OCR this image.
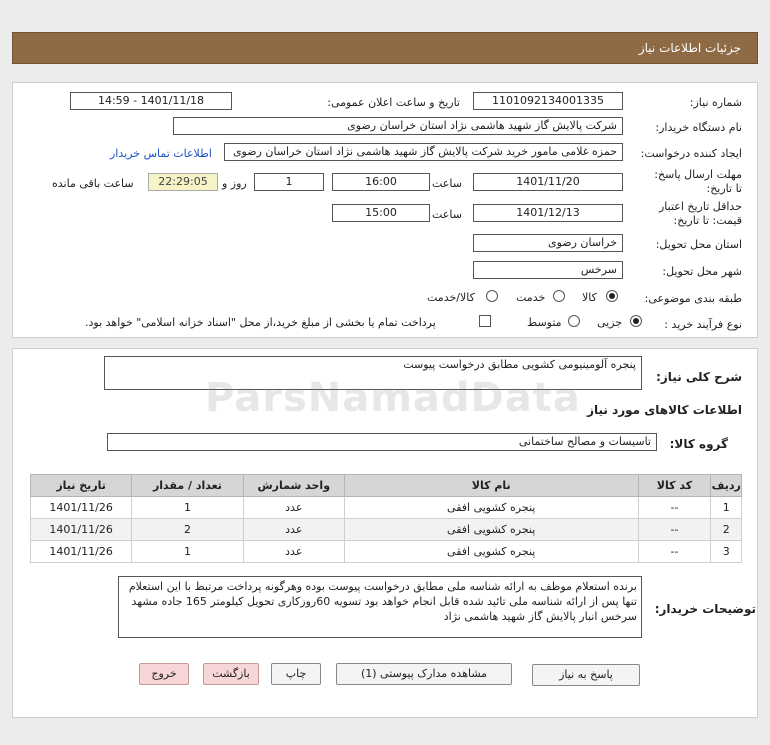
جزئیات اطلاعات نیاز
شماره نیاز:
1101092134001335
تاریخ و ساعت اعلان عمومی:
1401/11/18 - 14:59
نام دستگاه خریدار:
شرکت پالایش گاز شهید هاشمی نژاد استان خراسان رضوی
ایجاد کننده درخواست:
حمزه غلامی مامور خرید شرکت پالایش گاز شهید هاشمی نژاد استان خراسان رضوی
اطلاعات تماس خریدار
مهلت ارسال پاسخ: تا تاریخ:
1401/11/20
ساعت
16:00
1
روز و
22:29:05
ساعت باقی مانده
حداقل تاریخ اعتبار قیمت: تا تاریخ:
1401/12/13
ساعت
15:00
استان محل تحویل:
خراسان رضوی
شهر محل تحویل:
سرخس
طبقه بندی موضوعی:
کالا
خدمت
کالا/خدمت
نوع فرآیند خرید :
جزیی
متوسط
پرداخت تمام یا بخشی از مبلغ خرید،از محل "اسناد خزانه اسلامی" خواهد بود.
شرح کلی نیاز:
پنجره آلومینیومی کشویی مطابق درخواست پیوست
اطلاعات کالاهای مورد نیاز
گروه کالا:
تاسیسات و مصالح ساختمانی
ParsNamadData
ردیف	کد کالا	نام کالا	واحد شمارش	تعداد / مقدار	تاریخ نیاز
1	--	پنجره کشویی افقی	عدد	1	1401/11/26
2	--	پنجره کشویی افقی	عدد	2	1401/11/26
3	--	پنجره کشویی افقی	عدد	1	1401/11/26
توضیحات خریدار:
برنده استعلام موظف به ارائه شناسه ملی مطابق درخواست پیوست بوده وهرگونه پرداخت مرتبط با این استعلام تنها پس از ارائه شناسه ملی تائید شده قابل انجام خواهد بود تسویه 60روزکاری تحویل کیلومتر 165 جاده مشهد سرخس انبار پالایش گاز شهید هاشمی نژاد
پاسخ به نیاز
مشاهده مدارک پیوستی (1)
چاپ
بازگشت
خروج
